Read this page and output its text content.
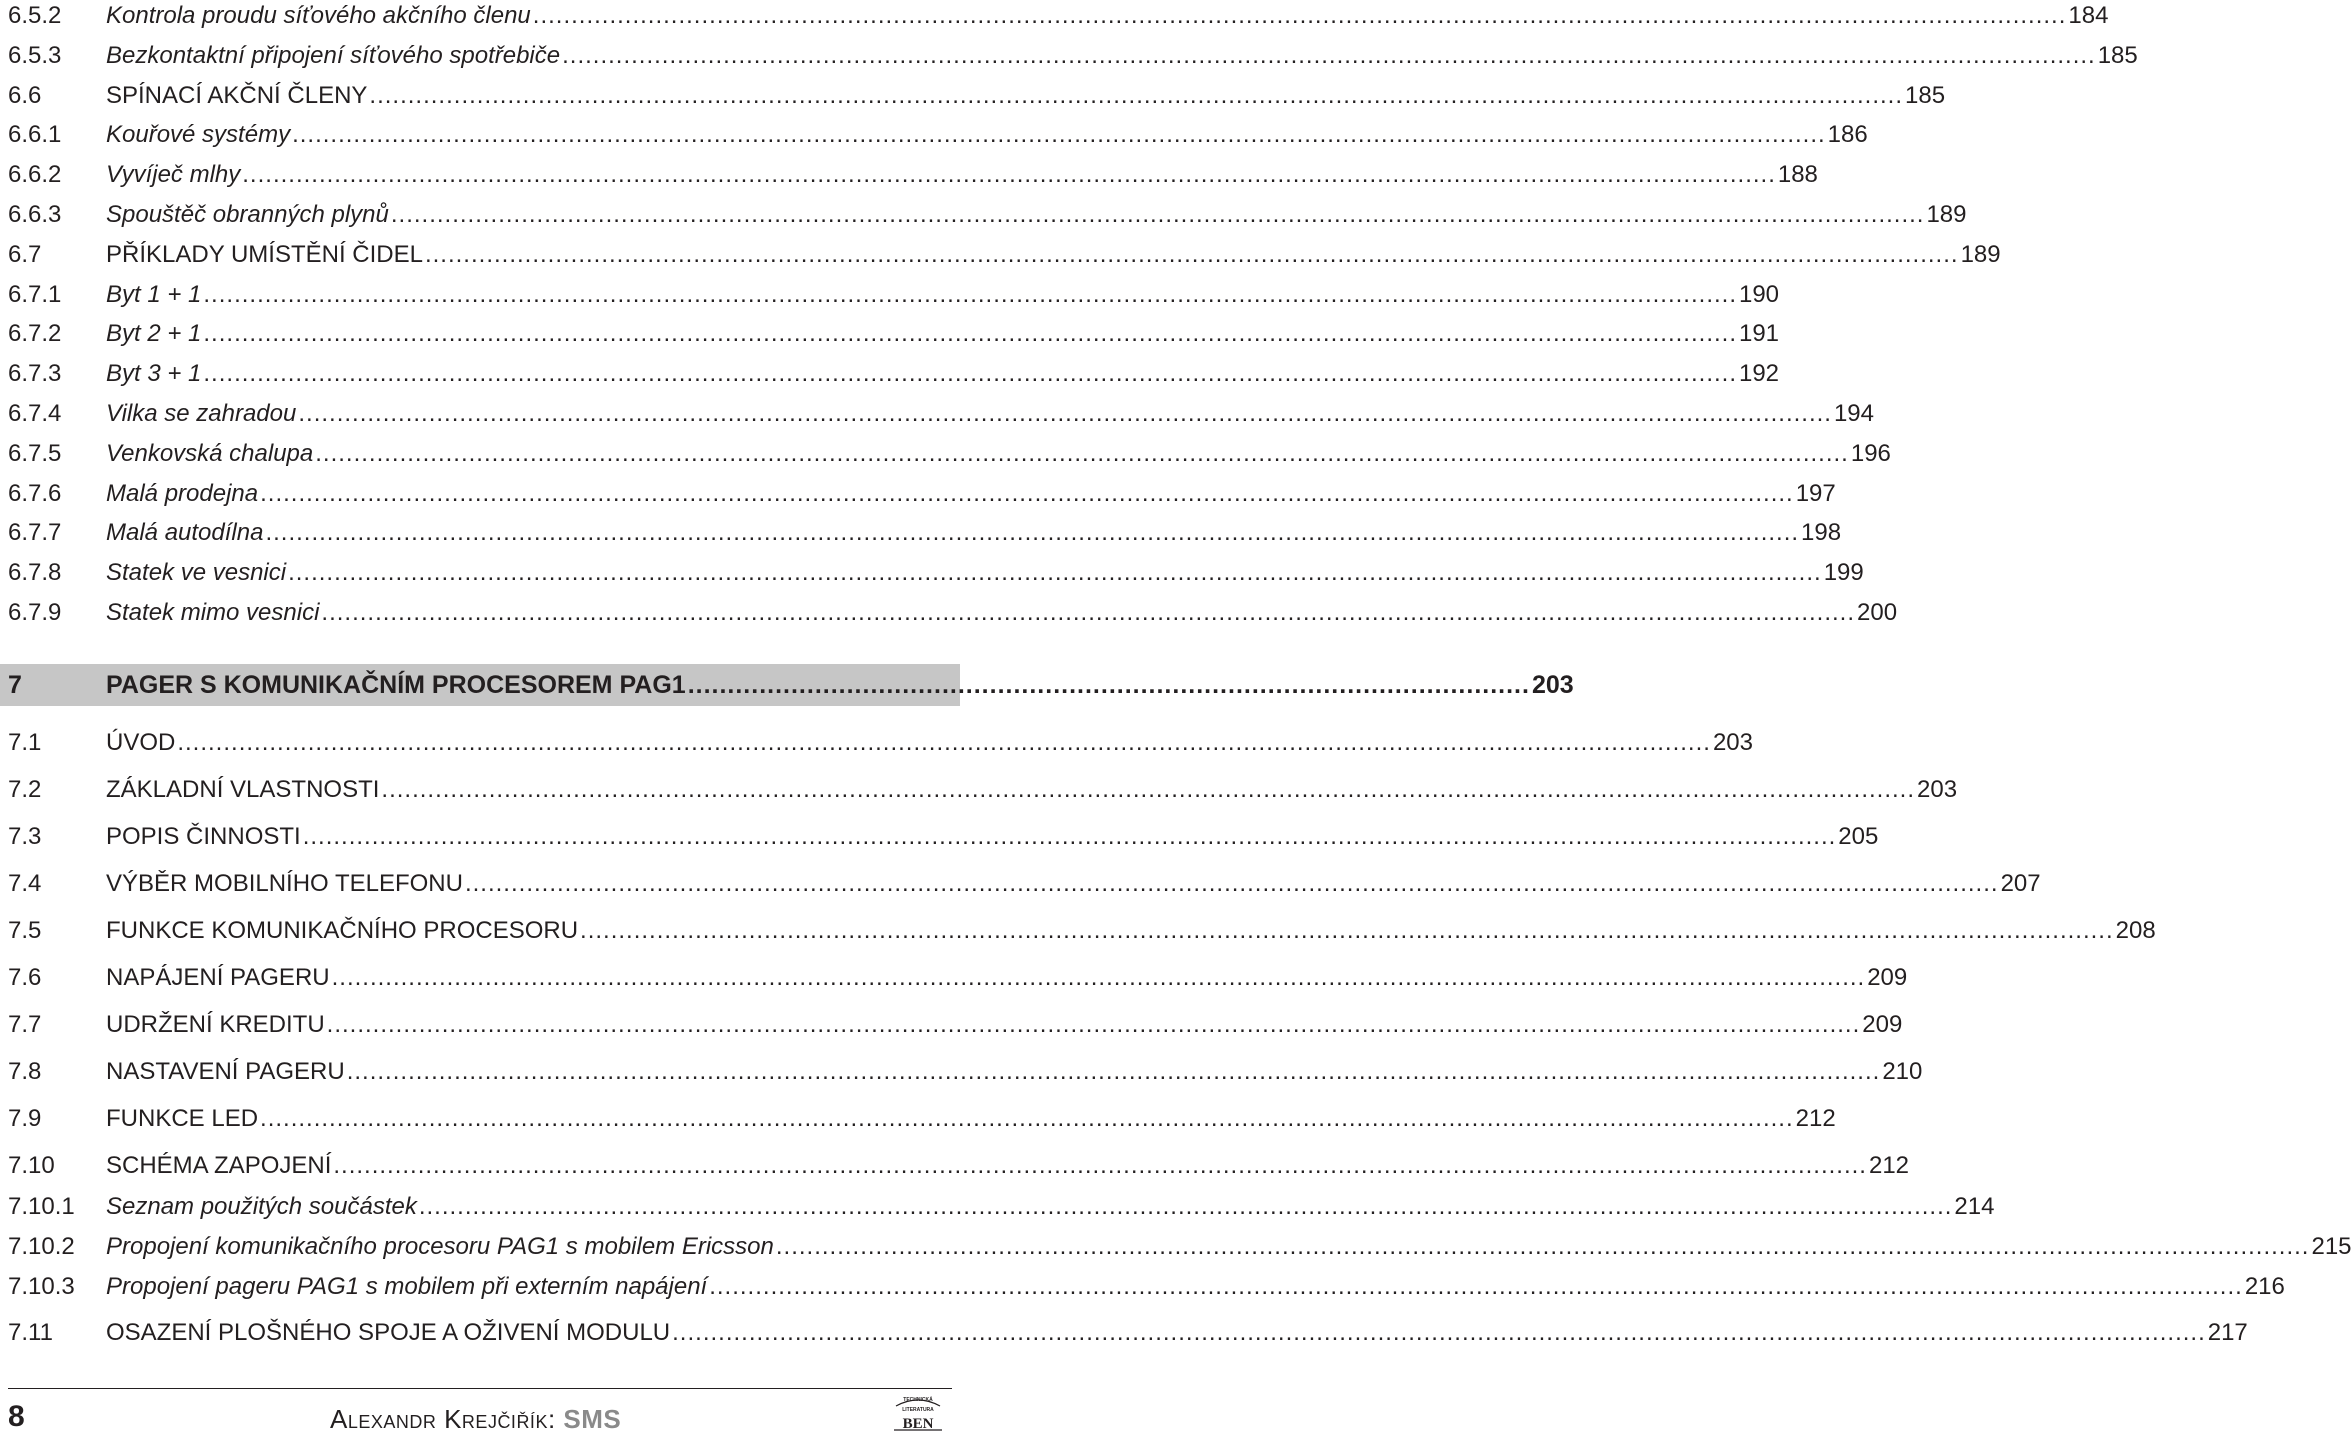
6.5.2 Kontrola proudu síťového akčního členu ........................................................................................................................................................................................................ 184
6.5.3 Bezkontaktní připojení síťového spotřebiče ........................................................................................................................................................................................................ 185
6.6	SPÍNACÍ AKČNÍ ČLENY ........................................................................................................................................................................................................ 185
6.6.1 Kouřové systémy ........................................................................................................................................................................................................ 186
6.6.2 Vyvíječ mlhy ........................................................................................................................................................................................................ 188
6.6.3 Spouštěč obranných plynů ........................................................................................................................................................................................................ 189
6.7	PŘÍKLADY UMÍSTĚNÍ ČIDEL ........................................................................................................................................................................................................ 189
6.7.1 Byt 1 + 1 ........................................................................................................................................................................................................ 190
6.7.2 Byt 2 + 1 ........................................................................................................................................................................................................ 191
6.7.3 Byt 3 + 1 ........................................................................................................................................................................................................ 192
6.7.4 Vilka se zahradou ........................................................................................................................................................................................................ 194
6.7.5 Venkovská chalupa ........................................................................................................................................................................................................ 196
6.7.6 Malá prodejna ........................................................................................................................................................................................................ 197
6.7.7 Malá autodílna ........................................................................................................................................................................................................ 198
6.7.8 Statek ve vesnici ........................................................................................................................................................................................................ 199
6.7.9 Statek mimo vesnici ........................................................................................................................................................................................................ 200
7	PAGER S KOMUNIKAČNÍM PROCESOREM PAG1 .......................................................................................................... 203
7.1	ÚVOD ........................................................................................................................................................................................................ 203
7.2	ZÁKLADNÍ VLASTNOSTI ........................................................................................................................................................................................................ 203
7.3	POPIS ČINNOSTI ........................................................................................................................................................................................................ 205
7.4	VÝBĚR MOBILNÍHO TELEFONU ........................................................................................................................................................................................................ 207
7.5	FUNKCE KOMUNIKAČNÍHO PROCESORU ........................................................................................................................................................................................................ 208
7.6	NAPÁJENÍ PAGERU ........................................................................................................................................................................................................ 209
7.7	UDRŽENÍ KREDITU ........................................................................................................................................................................................................ 209
7.8	NASTAVENÍ PAGERU ........................................................................................................................................................................................................ 210
7.9	FUNKCE LED ........................................................................................................................................................................................................ 212
7.10 SCHÉMA ZAPOJENÍ ........................................................................................................................................................................................................ 212
7.10.1 Seznam použitých součástek ........................................................................................................................................................................................................ 214
7.10.2 Propojení komunikačního procesoru PAG1 s mobilem Ericsson ........................................................................................................................................................................................................ 215
7.10.3 Propojení pageru PAG1 s mobilem při externím napájení ........................................................................................................................................................................................................ 216
7.11 OSAZENÍ PLOŠNÉHO SPOJE A OŽIVENÍ MODULU ........................................................................................................................................................................................................ 217
8	Alexandr Krejčiřík: SMS
TECHNICKÁ
LITERATURA
BEN
